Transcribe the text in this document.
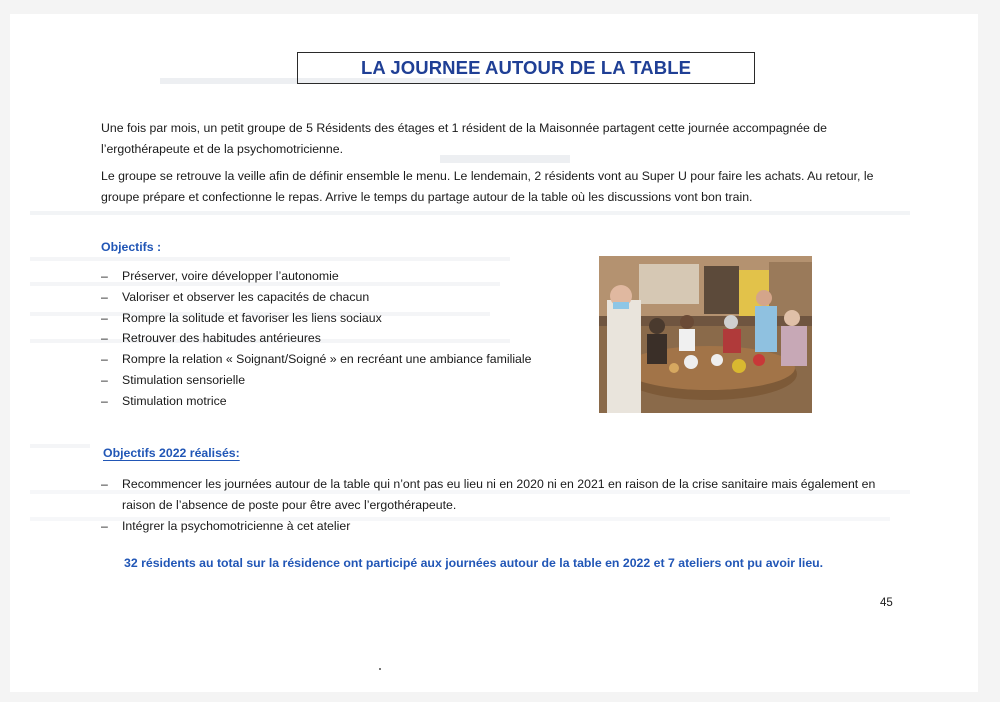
LA JOURNEE AUTOUR DE LA TABLE

Une fois par mois, un petit groupe de 5 Résidents des étages et 1 résident de la Maisonnée partagent cette journée accompagnée de l’ergothérapeute et de la psychomotricienne.

Le groupe se retrouve la veille afin de définir ensemble le menu. Le lendemain, 2 résidents vont au Super U pour faire les achats. Au retour, le groupe prépare et confectionne le repas. Arrive le temps du partage autour de la table où les discussions vont bon train.

Objectifs :

– Préserver, voire développer l’autonomie
– Valoriser et observer les capacités de chacun
– Rompre la solitude et favoriser les liens sociaux
– Retrouver des habitudes antérieures
– Rompre la relation « Soignant/Soigné » en recréant une ambiance familiale
– Stimulation sensorielle
– Stimulation motrice

Objectifs 2022 réalisés:

–	Recommencer les journées autour de la table qui n’ont pas eu lieu ni en 2020 ni en 2021 en raison de la crise sanitaire mais également en raison de l’absence de poste pour être avec l’ergothérapeute.
–	Intégrer la psychomotricienne à cet atelier
32 résidents au total sur la résidence ont participé aux journées autour de la table en 2022 et 7 ateliers ont pu avoir lieu.
45
